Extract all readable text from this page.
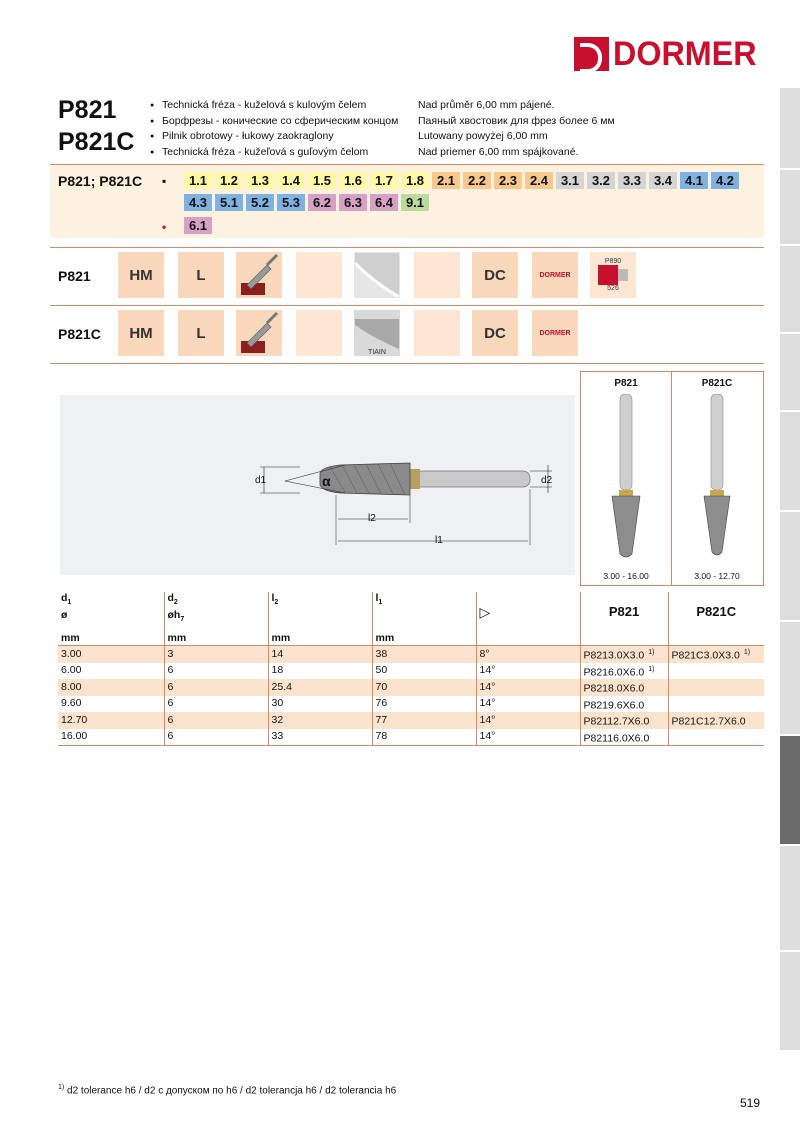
DORMER
P821
P821C
● Technická fréza - kuželová s kulovým čelem
● Борфрезы - конические со сферическим концом
● Pilnik obrotowy - łukowy zaokraglony
● Technická fréza - kužeľová s guľovým čelom
Nad průměr 6,00 mm pájené.
Паяный хвостовик для фрез более 6 мм
Lutowany powyżej 6,00 mm
Nad priemer 6,00 mm spájkované.
P821; P821C ▪
•
1.1 1.2 1.3 1.4 1.5 1.6 1.7 1.8 2.1 2.2 2.3 2.4 3.1 3.2 3.3 3.4 4.1 4.2
4.3 5.1 5.2 5.3 6.2 6.3 6.4 9.1
6.1
P821	HM	L	DC	DORMER
P890
526
P821C	HM	L
TIAIN
DC	DORMER
d1	α	d2
l2
l1
P821	P821C
3.00 - 16.00	3.00 - 12.70
$d_1$
ø	$d_2$
$øh_7$	$l_2$	$l_1$	▷	P821	P821C
mm	mm	mm	mm			
3.00	3	14	38	8°	P8213.0X3.0 $^{1)}$	P821C3.0X3.0 $^{1)}$
6.00	6	18	50	14°	P8216.0X6.0 $^{1)}$	
8.00	6	25.4	70	14°	P8218.0X6.0	
9.60	6	30	76	14°	P8219.6X6.0	
12.70	6	32	77	14°	P82112.7X6.0	P821C12.7X6.0
16.00	6	33	78	14°	P82116.0X6.0	
$^{1)}$ d2 tolerance h6 / d2 с допуском по h6 / d2 tolerancja h6 / d2 tolerancia h6
519
